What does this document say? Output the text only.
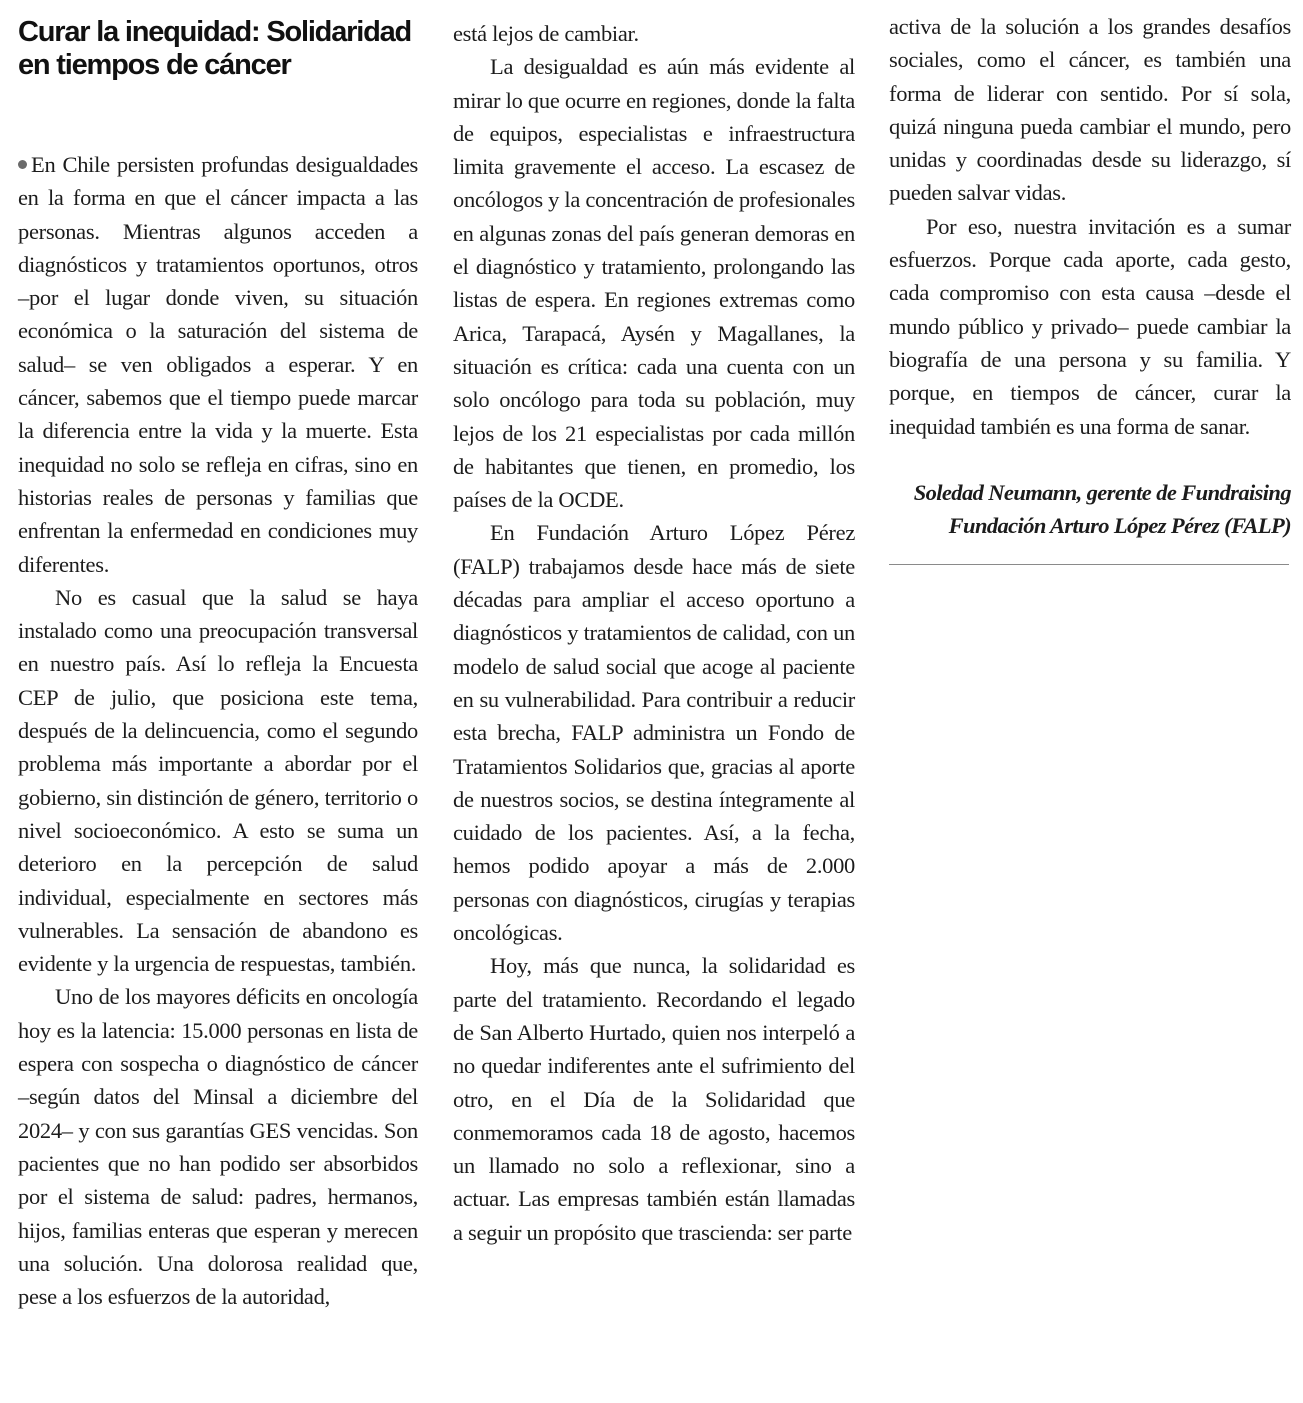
Curar la inequidad: Solidaridad en tiempos de cáncer

En Chile persisten profundas desigualdades en la forma en que el cáncer impacta a las personas. Mientras algunos acceden a diagnósticos y tratamientos oportunos, otros –por el lugar donde viven, su situación económica o la saturación del sistema de salud– se ven obligados a esperar. Y en cáncer, sabemos que el tiempo puede marcar la diferencia entre la vida y la muerte. Esta inequidad no solo se refleja en cifras, sino en historias reales de personas y familias que enfrentan la enfermedad en condiciones muy diferentes.

No es casual que la salud se haya instalado como una preocupación transversal en nuestro país. Así lo refleja la Encuesta CEP de julio, que posiciona este tema, después de la delincuencia, como el segundo problema más importante a abordar por el gobierno, sin distinción de género, territorio o nivel socioeconómico. A esto se suma un deterioro en la percepción de salud individual, especialmente en sectores más vulnerables. La sensación de abandono es evidente y la urgencia de respuestas, también.

Uno de los mayores déficits en oncología hoy es la latencia: 15.000 personas en lista de espera con sospecha o diagnóstico de cáncer –según datos del Minsal a diciembre del 2024– y con sus garantías GES vencidas. Son pacientes que no han podido ser absorbidos por el sistema de salud: padres, hermanos, hijos, familias enteras que esperan y merecen una solución. Una dolorosa realidad que, pese a los esfuerzos de la autoridad,

está lejos de cambiar.

La desigualdad es aún más evidente al mirar lo que ocurre en regiones, donde la falta de equipos, especialistas e infraestructura limita gravemente el acceso. La escasez de oncólogos y la concentración de profesionales en algunas zonas del país generan demoras en el diagnóstico y tratamiento, prolongando las listas de espera. En regiones extremas como Arica, Tarapacá, Aysén y Magallanes, la situación es crítica: cada una cuenta con un solo oncólogo para toda su población, muy lejos de los 21 especialistas por cada millón de habitantes que tienen, en promedio, los países de la OCDE.

En Fundación Arturo López Pérez (FALP) trabajamos desde hace más de siete décadas para ampliar el acceso oportuno a diagnósticos y tratamientos de calidad, con un modelo de salud social que acoge al paciente en su vulnerabilidad. Para contribuir a reducir esta brecha, FALP administra un Fondo de Tratamientos Solidarios que, gracias al aporte de nuestros socios, se destina íntegramente al cuidado de los pacientes. Así, a la fecha, hemos podido apoyar a más de 2.000 personas con diagnósticos, cirugías y terapias oncológicas.

Hoy, más que nunca, la solidaridad es parte del tratamiento. Recordando el legado de San Alberto Hurtado, quien nos interpeló a no quedar indiferentes ante el sufrimiento del otro, en el Día de la Solidaridad que conmemoramos cada 18 de agosto, hacemos un llamado no solo a reflexionar, sino a actuar. Las empresas también están llamadas a seguir un propósito que trascienda: ser parte

activa de la solución a los grandes desafíos sociales, como el cáncer, es también una forma de liderar con sentido. Por sí sola, quizá ninguna pueda cambiar el mundo, pero unidas y coordinadas desde su liderazgo, sí pueden salvar vidas.

Por eso, nuestra invitación es a sumar esfuerzos. Porque cada aporte, cada gesto, cada compromiso con esta causa –desde el mundo público y privado– puede cambiar la biografía de una persona y su familia. Y porque, en tiempos de cáncer, curar la inequidad también es una forma de sanar.

Soledad Neumann, gerente de Fundraising Fundación Arturo López Pérez (FALP)
